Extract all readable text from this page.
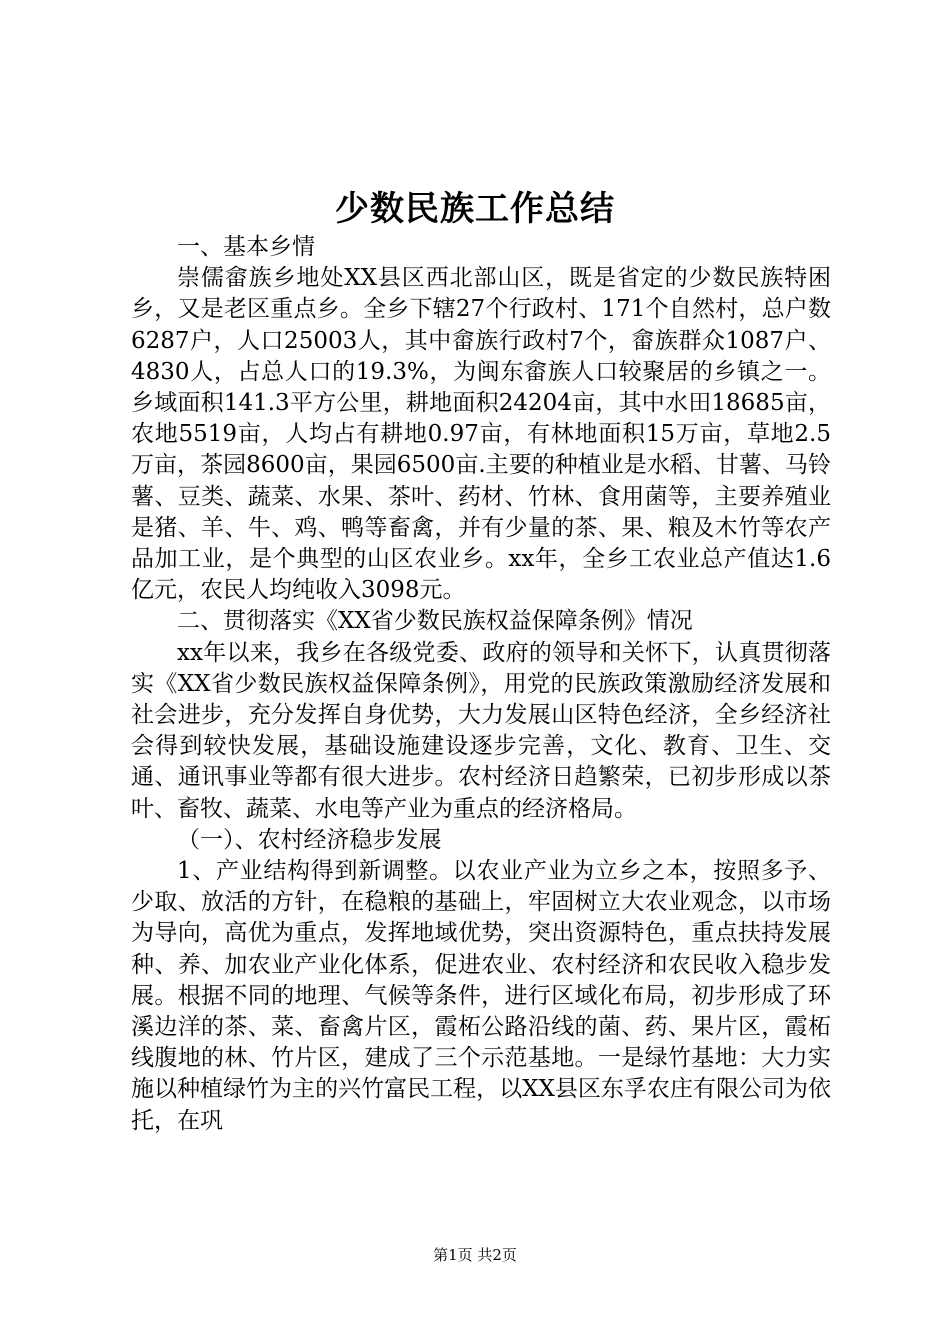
少数民族工作总结

一、基本乡情

崇儒畲族乡地处XX县区西北部山区，既是省定的少数民族特困乡，又是老区重点乡。全乡下辖27个行政村、171个自然村，总户数6287户，人口25003人，其中畲族行政村7个，畲族群众1087户、4830人，占总人口的19.3%，为闽东畲族人口较聚居的乡镇之一。乡域面积141.3平方公里，耕地面积24204亩，其中水田18685亩，农地5519亩，人均占有耕地0.97亩，有林地面积15万亩，草地2.5万亩，茶园8600亩，果园6500亩.主要的种植业是水稻、甘薯、马铃薯、豆类、蔬菜、水果、茶叶、药材、竹林、食用菌等，主要养殖业是猪、羊、牛、鸡、鸭等畜禽，并有少量的茶、果、粮及木竹等农产品加工业，是个典型的山区农业乡。xx年，全乡工农业总产值达1.6亿元，农民人均纯收入3098元。

二、贯彻落实《XX省少数民族权益保障条例》情况

xx年以来，我乡在各级党委、政府的领导和关怀下，认真贯彻落实《XX省少数民族权益保障条例》，用党的民族政策激励经济发展和社会进步，充分发挥自身优势，大力发展山区特色经济，全乡经济社会得到较快发展，基础设施建设逐步完善，文化、教育、卫生、交通、通讯事业等都有很大进步。农村经济日趋繁荣，已初步形成以茶叶、畜牧、蔬菜、水电等产业为重点的经济格局。

（一）、农村经济稳步发展

1、产业结构得到新调整。以农业产业为立乡之本，按照多予、少取、放活的方针，在稳粮的基础上，牢固树立大农业观念，以市场为导向，高优为重点，发挥地域优势，突出资源特色，重点扶持发展种、养、加农业产业化体系，促进农业、农村经济和农民收入稳步发展。根据不同的地理、气候等条件，进行区域化布局，初步形成了环溪边洋的茶、菜、畜禽片区，霞柘公路沿线的菌、药、果片区，霞柘线腹地的林、竹片区，建成了三个示范基地。一是绿竹基地：大力实施以种植绿竹为主的兴竹富民工程，以XX县区东孚农庄有限公司为依托，在巩

第1页 共2页
